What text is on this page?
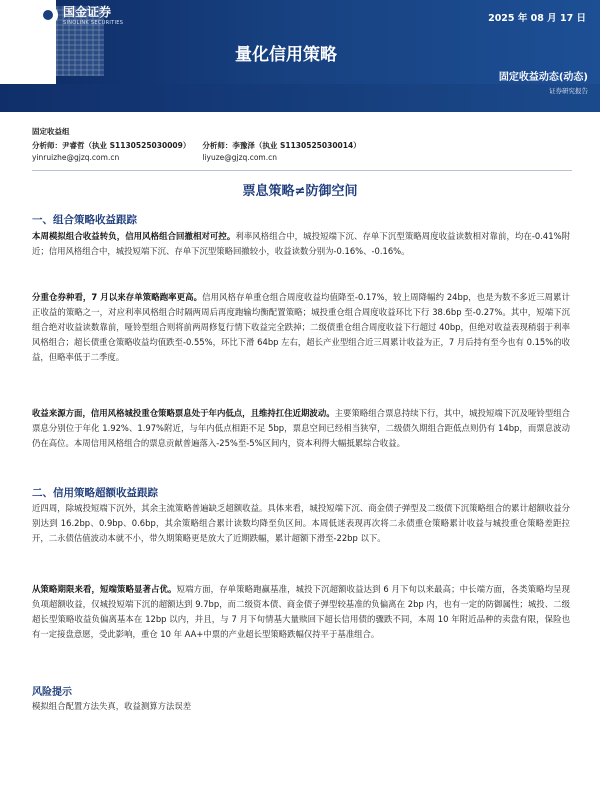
国金证券
SINOLINK SECURITIES	2025 年 08 月 17 日
量化信用策略
固定收益动态(动态)
证券研究报告
固定收益组
分析师：尹睿哲（执业 S1130525030009）
yinruizhe@gjzq.com.cn
分析师：李豫泽（执业 S1130525030014）
liyuze@gjzq.com.cn
票息策略≠防御空间
一、组合策略收益跟踪

本周模拟组合收益转负，信用风格组合回撤相对可控。利率风格组合中，城投短端下沉、存单下沉型策略周度收益读数相对靠前，均在-0.41%附近；信用风格组合中，城投短端下沉、存单下沉型策略回撤较小，收益读数分别为-0.16%、-0.16%。

分重仓券种看，7 月以来存单策略跑率更高。信用风格存单重仓组合周度收益均值降至-0.17%，较上周降幅约 24bp，也是为数不多近三周累计正收益的策略之一，对应利率风格组合时隔两周后再度跑输均衡配置策略；城投重仓组合周度收益环比下行 38.6bp 至-0.27%。其中，短端下沉组合绝对收益读数靠前，哑铃型组合则将前两周修复行情下收益完全跌掉；二级债重仓组合周度收益下行超过 40bp，但绝对收益表现稍弱于利率风格组合；超长债重仓策略收益均值跌至-0.55%，环比下滑 64bp 左右，超长产业型组合近三周累计收益为正，7 月后持有至今也有 0.15%的收益，但略率低于二季度。

收益来源方面，信用风格城投重仓策略票息处于年内低点，且维持扛住近期波动。主要策略组合票息持续下行，其中，城投短端下沉及哑铃型组合票息分别位于年化 1.92%、1.97%附近，与年内低点相距不足 5bp，票息空间已经相当狭窄，二级债久期组合距低点则仍有 14bp，而票息波动仍在高位。本周信用风格组合的票息贡献普遍落入-25%至-5%区间内，资本利得大幅抵累综合收益。

二、信用策略超额收益跟踪

近四周，除城投短端下沉外，其余主流策略普遍缺乏超额收益。具体来看，城投短端下沉、商金债子弹型及二级债下沉策略组合的累计超额收益分别达到 16.2bp、0.9bp、0.6bp，其余策略组合累计读数均降至负区间。本周低迷表现再次将二永债重仓策略累计收益与城投重仓策略差距拉开，二永债估值波动本就不小，带久期策略更是放大了近期跌幅，累计超额下滑至-22bp 以下。

从策略期限来看，短端策略显著占优。短端方面，存单策略跑赢基准，城投下沉超额收益达到 6 月下旬以来最高；中长端方面，各类策略均呈现负项超额收益，仅城投短端下沉的超额达到 9.7bp，而二级资本债、商金债子弹型较基准的负偏离在 2bp 内，也有一定的防御属性；城投、二级超长型策略收益负偏离基本在 12bp 以内，并且，与 7 月下旬情基大量赎回下超长信用债的骤跌不同，本周 10 年附近品种的卖盘有限，保险也有一定接盘意愿，受此影响，重仓 10 年 AA+中票的产业超长型策略跌幅仅持平于基准组合。

风险提示
模拟组合配置方法失真，收益测算方法误差
